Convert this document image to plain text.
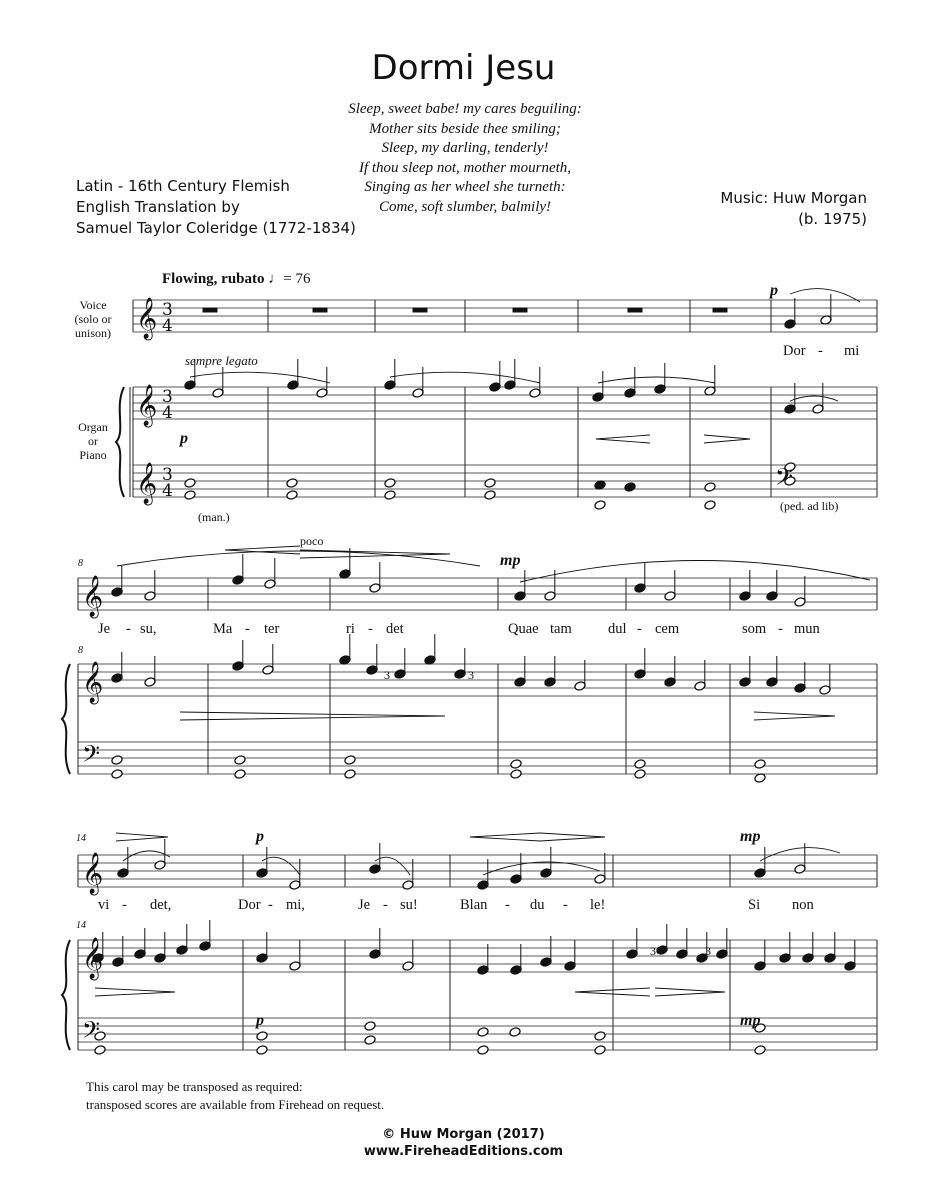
Dormi Jesu
Sleep, sweet babe! my cares beguiling:
Mother sits beside thee smiling;
Sleep, my darling, tenderly!
If thou sleep not, mother mourneth,
Singing as her wheel she turneth:
Come, soft slumber, balmily!
Latin - 16th Century Flemish
English Translation by
Samuel Taylor Coleridge (1772-1834)
Music: Huw Morgan
(b. 1975)
Flowing, rubato ♩= 76
Voice
(solo or
unison)
Organ
or
Piano
𝄞
𝄞
𝄞	𝄢
3
4
3
4
3
4
𝄞
𝄞
𝄢
𝄞
𝄞
𝄢
sempre legato
p
p
(man.)
(ped. ad lib)
poco
mp
p	mp
p	mp
8
8
14
14
3	3
3	3
Dor - mi
Je - su,	Ma - ter	ri - det	Quae tam	dul - cem	som - mun
vi - det,	Dor - mi,	Je - su!	Blan - du - le!	Si non
This carol may be transposed as required:
transposed scores are available from Firehead on request.
© Huw Morgan (2017)
www.FireheadEditions.com
